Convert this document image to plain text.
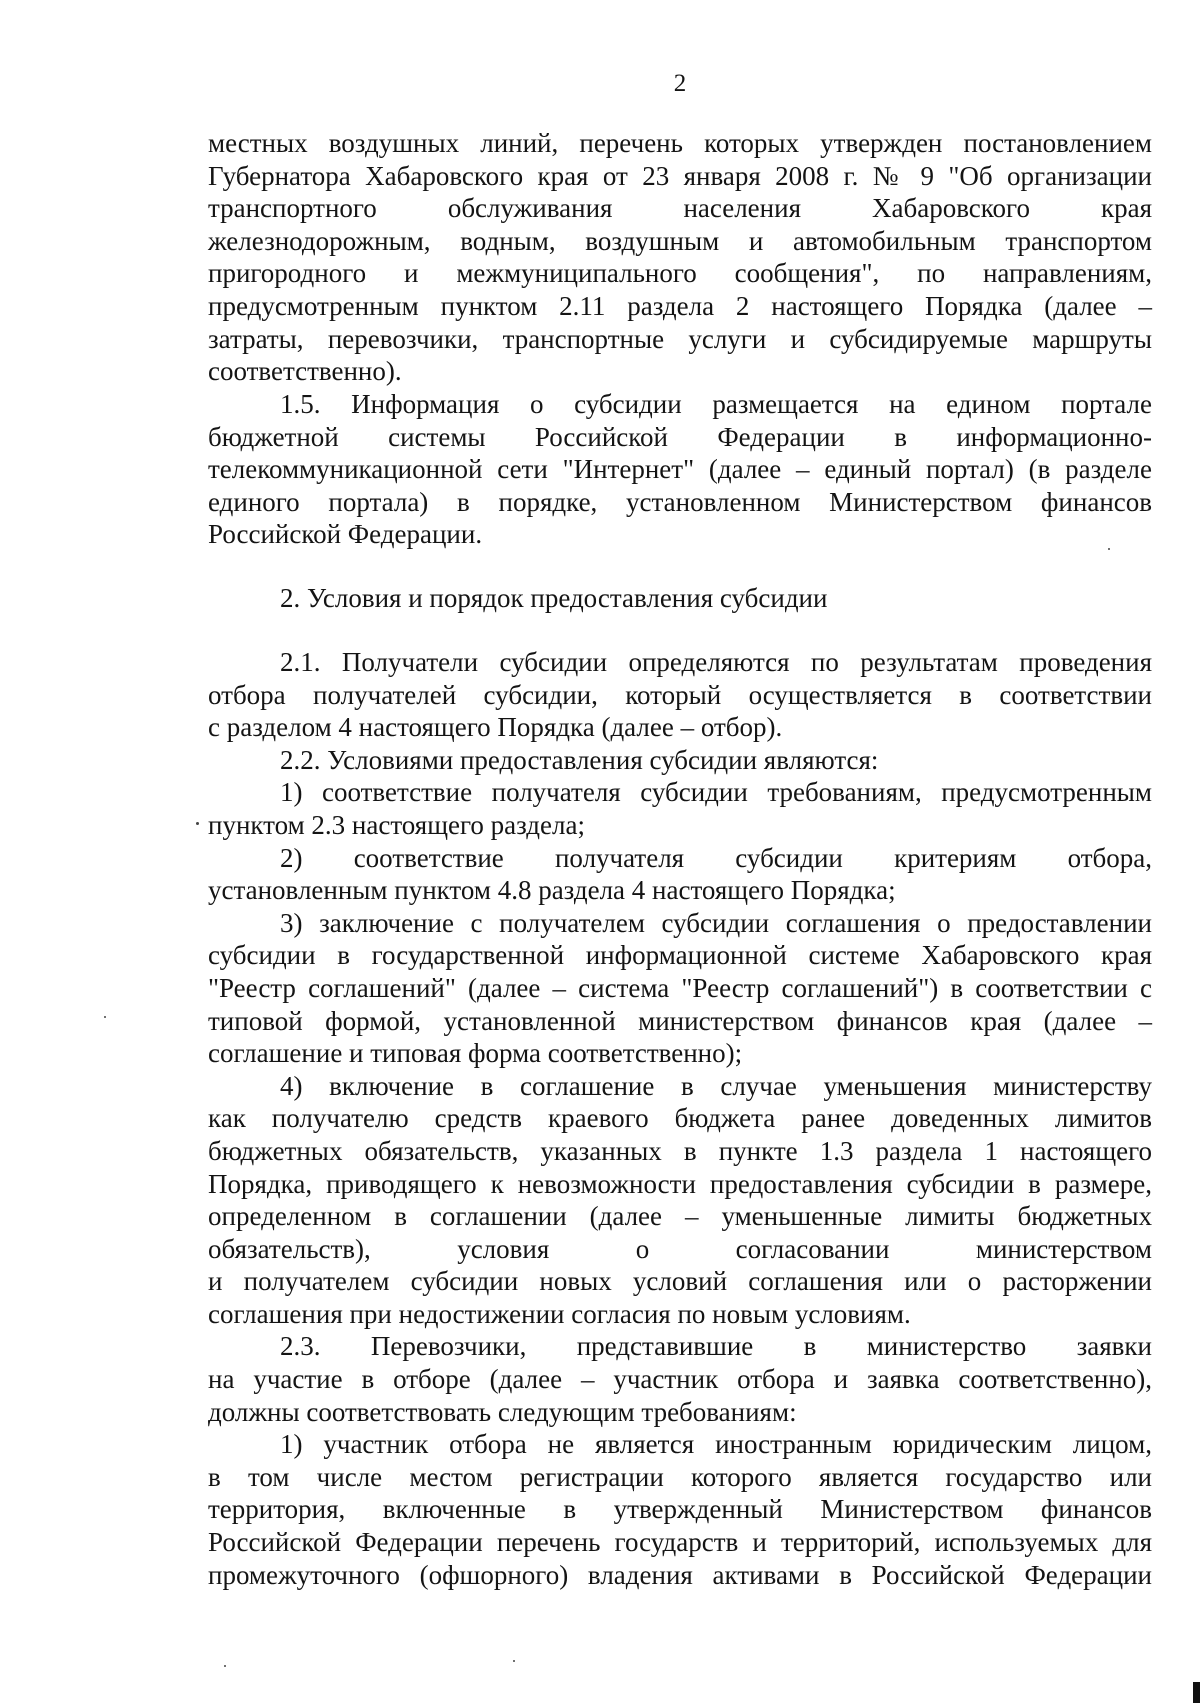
2
местных воздушных линий, перечень которых утвержден постановлением
Губернатора Хабаровского края от 23 января 2008 г. № 9 "Об организации
транспортного обслуживания населения Хабаровского края
железнодорожным, водным, воздушным и автомобильным транспортом
пригородного и межмуниципального сообщения", по направлениям,
предусмотренным пунктом 2.11 раздела 2 настоящего Порядка (далее –
затраты, перевозчики, транспортные услуги и субсидируемые маршруты
соответственно).
1.5. Информация о субсидии размещается на едином портале
бюджетной системы Российской Федерации в информационно-
телекоммуникационной сети "Интернет" (далее – единый портал) (в разделе
единого портала) в порядке, установленном Министерством финансов
Российской Федерации.
2. Условия и порядок предоставления субсидии
2.1. Получатели субсидии определяются по результатам проведения
отбора получателей субсидии, который осуществляется в соответствии
с разделом 4 настоящего Порядка (далее – отбор).
2.2. Условиями предоставления субсидии являются:
1) соответствие получателя субсидии требованиям, предусмотренным
пунктом 2.3 настоящего раздела;
2) соответствие получателя субсидии критериям отбора,
установленным пунктом 4.8 раздела 4 настоящего Порядка;
3) заключение с получателем субсидии соглашения о предоставлении
субсидии в государственной информационной системе Хабаровского края
"Реестр соглашений" (далее – система "Реестр соглашений") в соответствии с
типовой формой, установленной министерством финансов края (далее –
соглашение и типовая форма соответственно);
4) включение в соглашение в случае уменьшения министерству
как получателю средств краевого бюджета ранее доведенных лимитов
бюджетных обязательств, указанных в пункте 1.3 раздела 1 настоящего
Порядка, приводящего к невозможности предоставления субсидии в размере,
определенном в соглашении (далее – уменьшенные лимиты бюджетных
обязательств), условия о согласовании министерством
и получателем субсидии новых условий соглашения или о расторжении
соглашения при недостижении согласия по новым условиям.
2.3. Перевозчики, представившие в министерство заявки
на участие в отборе (далее – участник отбора и заявка соответственно),
должны соответствовать следующим требованиям:
1) участник отбора не является иностранным юридическим лицом,
в том числе местом регистрации которого является государство или
территория, включенные в утвержденный Министерством финансов
Российской Федерации перечень государств и территорий, используемых для
промежуточного (офшорного) владения активами в Российской Федерации
